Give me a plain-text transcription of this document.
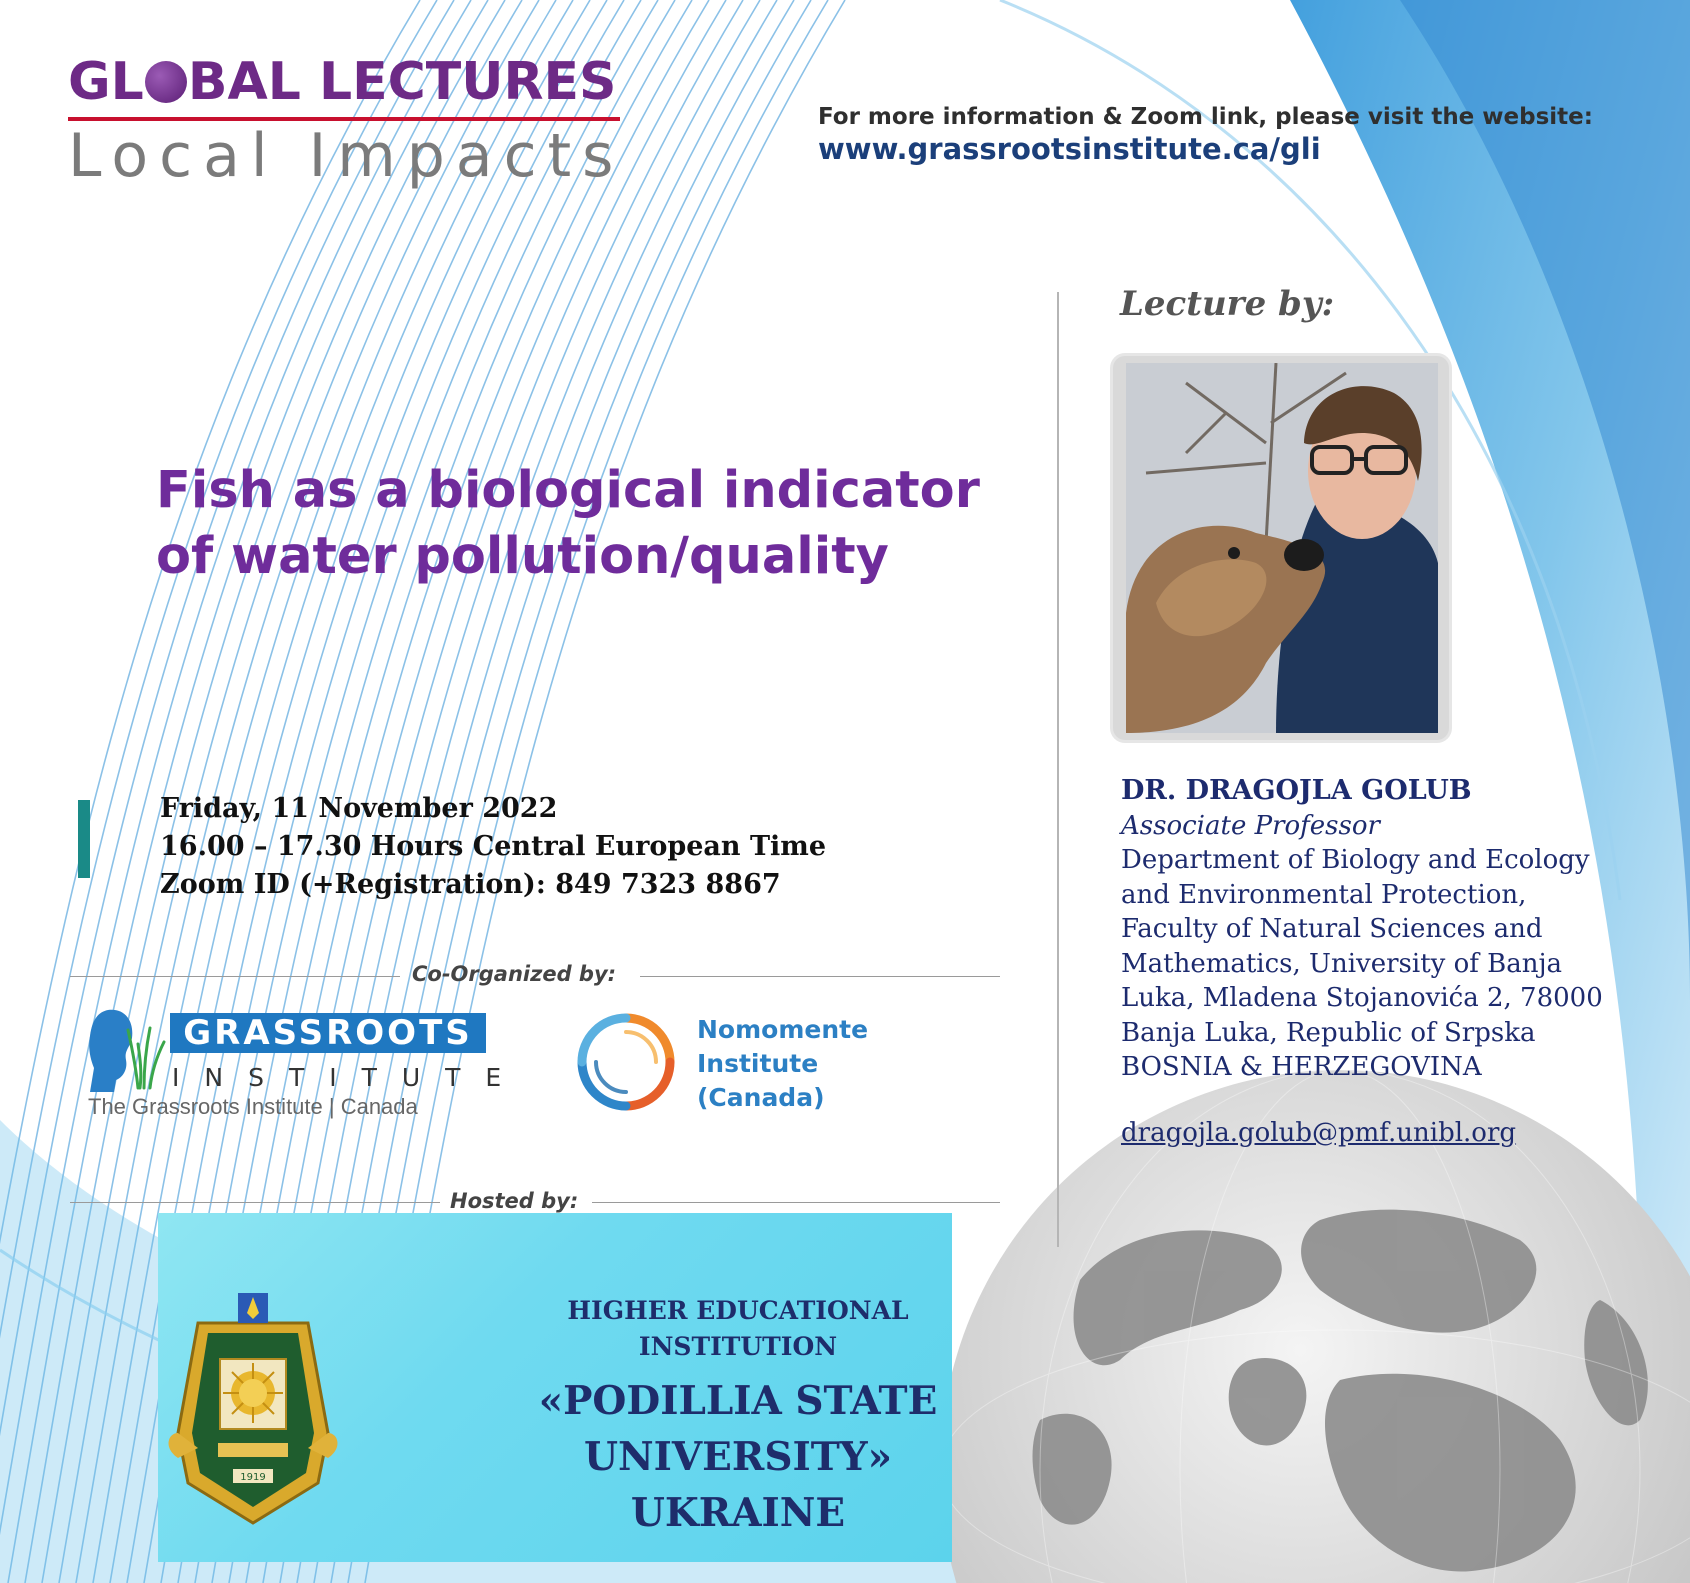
GL BAL LECTURES
Local Impacts
For more information & Zoom link, please visit the website:
www.grassrootsinstitute.ca/gli
Fish as a biological indicator
of water pollution/quality
Friday, 11 November 2022
16.00 – 17.30 Hours Central European Time
Zoom ID (+Registration): 849 7323 8867
Co-Organized by:
GRASSROOTS
INSTITUTE
The Grassroots Institute | Canada
Nomomente
Institute
(Canada)
Hosted by:
1919
HIGHER EDUCATIONAL INSTITUTION
«PODILLIA STATE
UNIVERSITY»
UKRAINE
Lecture by:
DR. DRAGOJLA GOLUB
Associate Professor
Department of Biology and Ecology
and Environmental Protection,
Faculty of Natural Sciences and
Mathematics, University of Banja
Luka, Mladena Stojanovića 2, 78000
Banja Luka, Republic of Srpska
BOSNIA & HERZEGOVINA
dragojla.golub@pmf.unibl.org
